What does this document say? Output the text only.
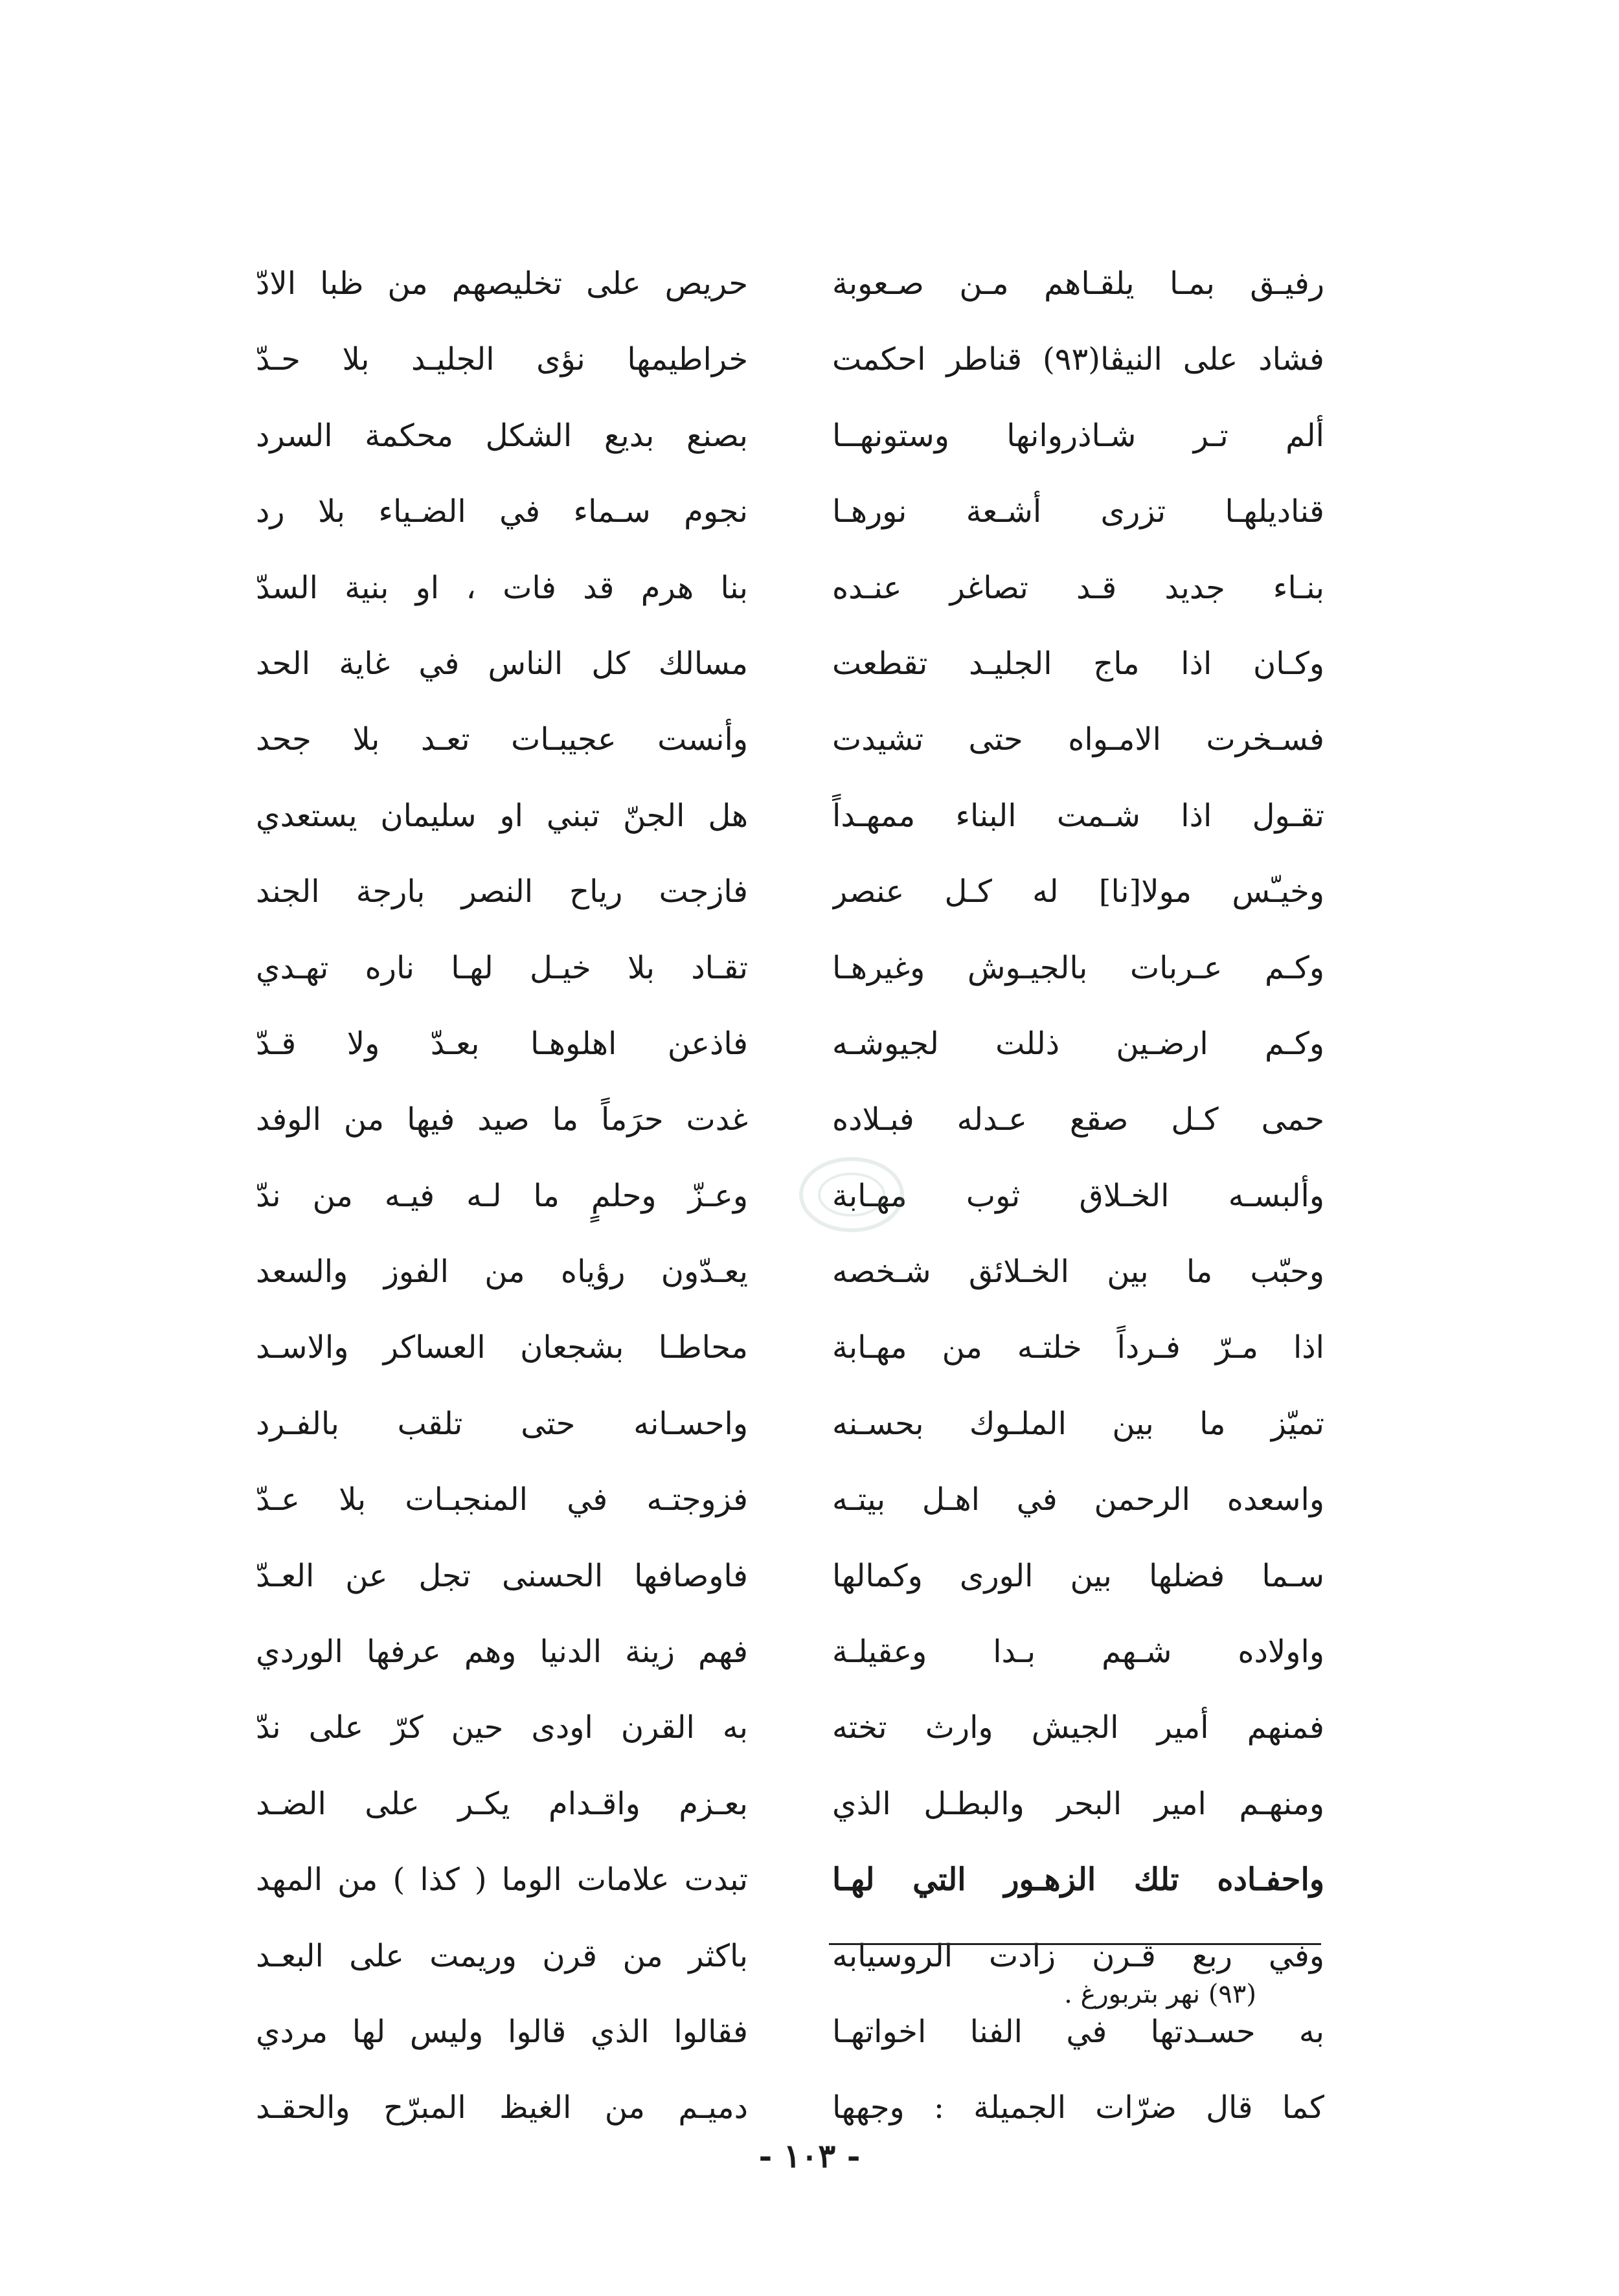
رفيـق بمـا يلقـاهم مـن صـعوبة
فشاد على النيڤا(٩٣) قناطر احكمت
ألم تـر شـاذروانها وستونهــا
قناديلهـا تزرى أشـعة نورهـا
بنـاء جديد قـد تصاغر عنـده
وكـان اذا ماج الجليـد تقطعت
فسـخرت الامـواه حتى تشيدت
تقـول اذا شـمت البناء ممهـداً
وخيـّس مولا[نا] له كـل عنصر
وكـم عـربات بالجيـوش وغيرهـا
وكـم ارضـين ذللت لجيوشـه
حمى كـل صقع عـدله فبـلاده
وألبسـه الخـلاق ثوب مهـابة
وحبّب ما بين الخـلائق شـخصه
اذا مـرّ فـرداً خلتـه من مهـابة
تميّز ما بين الملـوك بحسـنه
واسعده الرحمن في اهـل بيتـه
سـما فضلها بين الورى وكمالها
واولاده شـهم بـدا وعقيلـة
فمنهم أمير الجيش وارث تخته
ومنهـم امير البحر والبطـل الذي
واحفـاده تلك الزهـور التي لهـا
وفي ربع قـرن زادت الروسيابه
به حسـدتها في الفنا اخواتهـا
كما قال ضرّات الجميلة : وجهها
حريص على تخليصهم من ظبا الادّ
خراطيمها نؤى الجليـد بلا حـدّ
بصنع بديع الشكل محكمة السرد
نجوم سـماء في الضـياء بلا رد
بنا هرم قد فات ، او بنية السدّ
مسالك كل الناس في غاية الحد
وأنست عجيبـات تعـد بلا جحد
هل الجنّ تبني او سليمان يستعدي
فازجت رياح النصر بارجة الجند
تقـاد بلا خيـل لهـا ناره تهـدي
فاذعن اهلوهـا بعـدّ ولا قـدّ
غدت حرَماً ما صيد فيها من الوفد
وعـزّ وحلمٍ ما لـه فيـه من ندّ
يعـدّون رؤياه من الفوز والسعد
محاطـا بشجعان العساكر والاسـد
واحسـانه حتى تلقب بالفـرد
فزوجتـه في المنجبـات بلا عـدّ
فاوصافها الحسنى تجل عن العـدّ
فهم زينة الدنيا وهم عرفها الوردي
به القرن اودى حين كرّ على ندّ
بعـزم واقـدام يكـر على الضـد
تبدت علامات الوما ( كذا ) من المهد
باكثر من قرن وريمت على البعـد
فقالوا الذي قالوا وليس لها مردي
دميـم من الغيظ المبرّح والحقـد
(٩٣) نهر بتربورغ .
- ١٠٣ -
